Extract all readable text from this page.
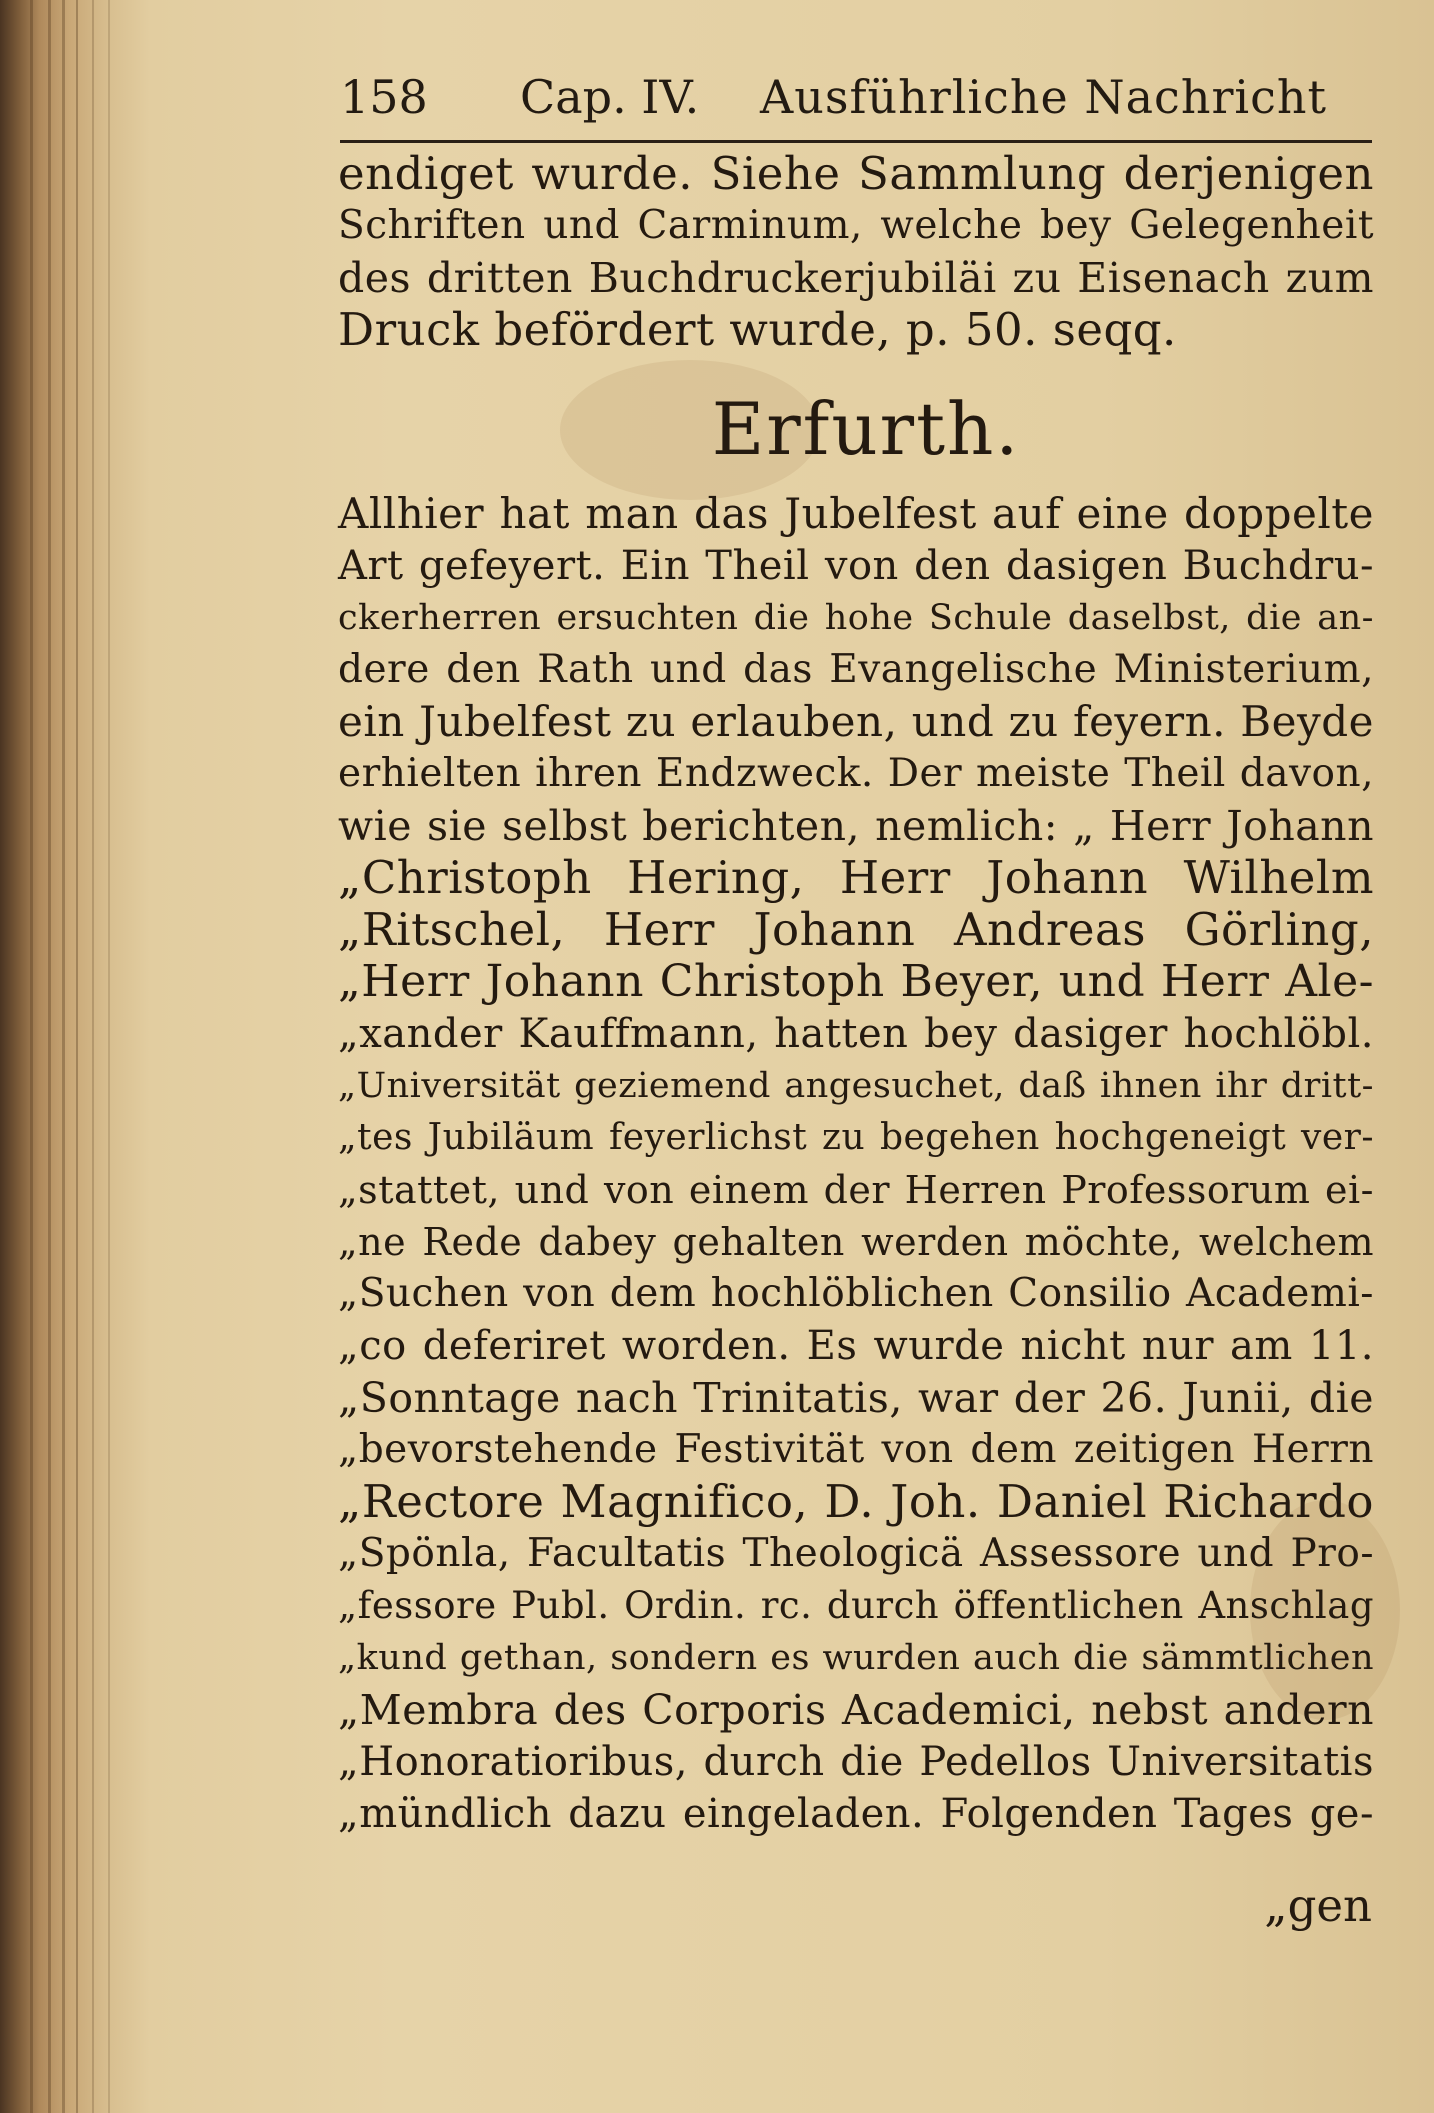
158 Cap. IV. Ausführliche Nachricht
endiget wurde. Siehe Sammlung derjenigen
Schriften und Carminum, welche bey Gelegenheit
des dritten Buchdruckerjubiläi zu Eisenach zum
Druck befördert wurde, p. 50. seqq.
Erfurth.
Allhier hat man das Jubelfest auf eine doppelte
Art gefeyert. Ein Theil von den dasigen Buchdru-
ckerherren ersuchten die hohe Schule daselbst, die an-
dere den Rath und das Evangelische Ministerium,
ein Jubelfest zu erlauben, und zu feyern. Beyde
erhielten ihren Endzweck. Der meiste Theil davon,
wie sie selbst berichten, nemlich: „ Herr Johann
„Christoph Hering, Herr Johann Wilhelm
„Ritschel, Herr Johann Andreas Görling,
„Herr Johann Christoph Beyer, und Herr Ale-
„xander Kauffmann, hatten bey dasiger hochlöbl.
„Universität geziemend angesuchet, daß ihnen ihr dritt-
„tes Jubiläum feyerlichst zu begehen hochgeneigt ver-
„stattet, und von einem der Herren Professorum ei-
„ne Rede dabey gehalten werden möchte, welchem
„Suchen von dem hochlöblichen Consilio Academi-
„co deferiret worden. Es wurde nicht nur am 11.
„Sonntage nach Trinitatis, war der 26. Junii, die
„bevorstehende Festivität von dem zeitigen Herrn
„Rectore Magnifico, D. Joh. Daniel Richardo
„Spönla, Facultatis Theologicä Assessore und Pro-
„fessore Publ. Ordin. rc. durch öffentlichen Anschlag
„kund gethan, sondern es wurden auch die sämmtlichen
„Membra des Corporis Academici, nebst andern
„Honoratioribus, durch die Pedellos Universitatis
„mündlich dazu eingeladen. Folgenden Tages ge-
„gen
